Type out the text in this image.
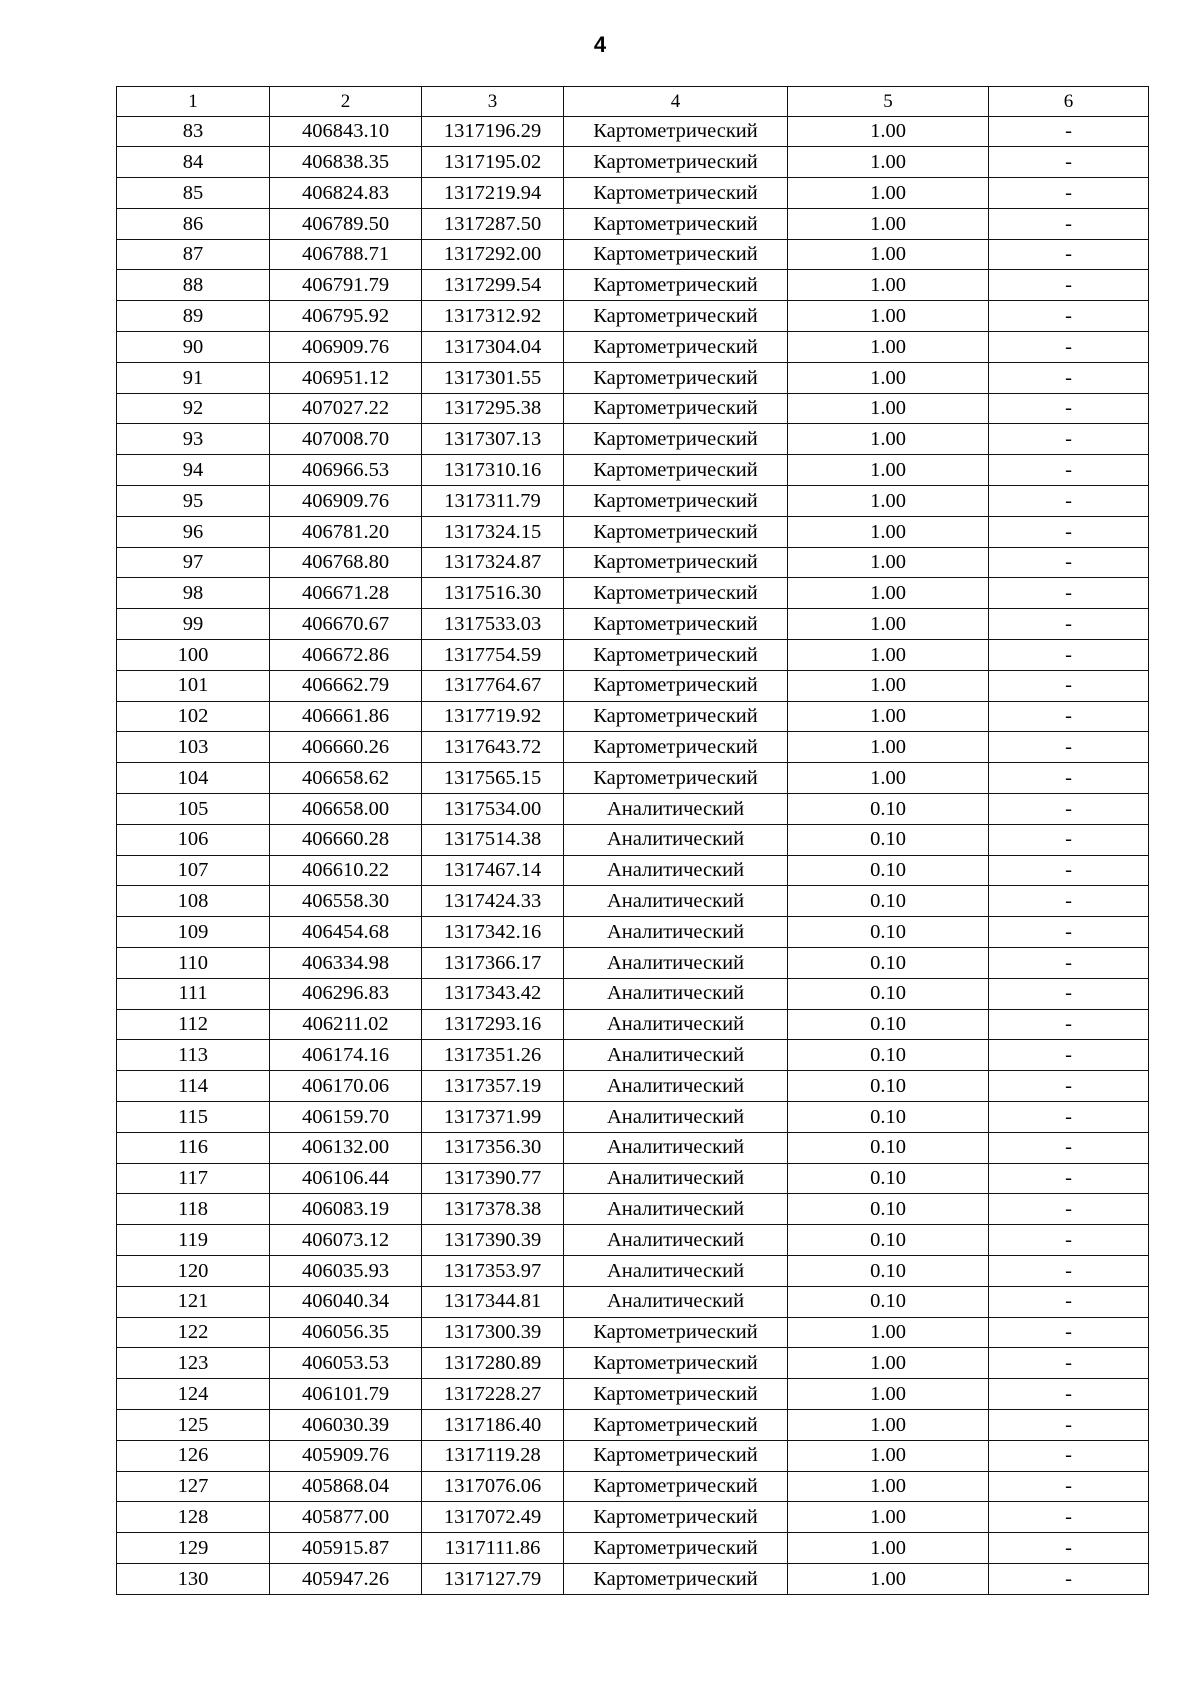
4
1	2	3	4	5	6
83	406843.10	1317196.29	Картометрический	1.00	-
84	406838.35	1317195.02	Картометрический	1.00	-
85	406824.83	1317219.94	Картометрический	1.00	-
86	406789.50	1317287.50	Картометрический	1.00	-
87	406788.71	1317292.00	Картометрический	1.00	-
88	406791.79	1317299.54	Картометрический	1.00	-
89	406795.92	1317312.92	Картометрический	1.00	-
90	406909.76	1317304.04	Картометрический	1.00	-
91	406951.12	1317301.55	Картометрический	1.00	-
92	407027.22	1317295.38	Картометрический	1.00	-
93	407008.70	1317307.13	Картометрический	1.00	-
94	406966.53	1317310.16	Картометрический	1.00	-
95	406909.76	1317311.79	Картометрический	1.00	-
96	406781.20	1317324.15	Картометрический	1.00	-
97	406768.80	1317324.87	Картометрический	1.00	-
98	406671.28	1317516.30	Картометрический	1.00	-
99	406670.67	1317533.03	Картометрический	1.00	-
100	406672.86	1317754.59	Картометрический	1.00	-
101	406662.79	1317764.67	Картометрический	1.00	-
102	406661.86	1317719.92	Картометрический	1.00	-
103	406660.26	1317643.72	Картометрический	1.00	-
104	406658.62	1317565.15	Картометрический	1.00	-
105	406658.00	1317534.00	Аналитический	0.10	-
106	406660.28	1317514.38	Аналитический	0.10	-
107	406610.22	1317467.14	Аналитический	0.10	-
108	406558.30	1317424.33	Аналитический	0.10	-
109	406454.68	1317342.16	Аналитический	0.10	-
110	406334.98	1317366.17	Аналитический	0.10	-
111	406296.83	1317343.42	Аналитический	0.10	-
112	406211.02	1317293.16	Аналитический	0.10	-
113	406174.16	1317351.26	Аналитический	0.10	-
114	406170.06	1317357.19	Аналитический	0.10	-
115	406159.70	1317371.99	Аналитический	0.10	-
116	406132.00	1317356.30	Аналитический	0.10	-
117	406106.44	1317390.77	Аналитический	0.10	-
118	406083.19	1317378.38	Аналитический	0.10	-
119	406073.12	1317390.39	Аналитический	0.10	-
120	406035.93	1317353.97	Аналитический	0.10	-
121	406040.34	1317344.81	Аналитический	0.10	-
122	406056.35	1317300.39	Картометрический	1.00	-
123	406053.53	1317280.89	Картометрический	1.00	-
124	406101.79	1317228.27	Картометрический	1.00	-
125	406030.39	1317186.40	Картометрический	1.00	-
126	405909.76	1317119.28	Картометрический	1.00	-
127	405868.04	1317076.06	Картометрический	1.00	-
128	405877.00	1317072.49	Картометрический	1.00	-
129	405915.87	1317111.86	Картометрический	1.00	-
130	405947.26	1317127.79	Картометрический	1.00	-
